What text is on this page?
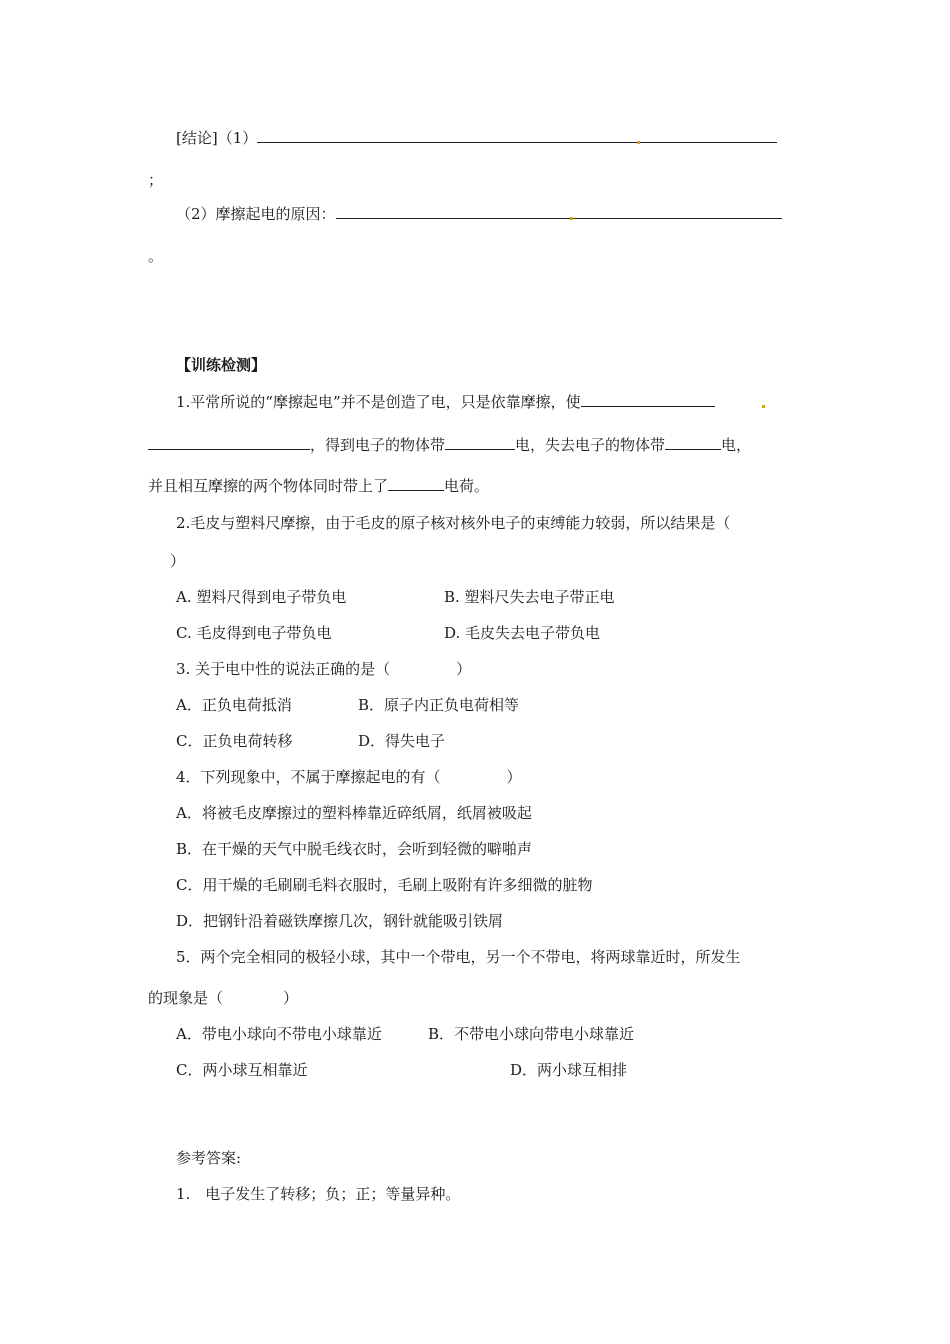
[结论]（1）
；
（2）摩擦起电的原因：
。
【训练检测】
1.平常所说的“摩擦起电”并不是创造了电，只是依靠摩擦，使
，得到电子的物体带	电，失去电子的物体带	电，
并且相互摩擦的两个物体同时带上了	电荷。
2.毛皮与塑料尺摩擦，由于毛皮的原子核对核外电子的束缚能力较弱，所以结果是（
）
A. 塑料尺得到电子带负电	B. 塑料尺失去电子带正电
C. 毛皮得到电子带负电	D. 毛皮失去电子带负电
3. 关于电中性的说法正确的是（	）
A．正负电荷抵消	B．原子内正负电荷相等
C．正负电荷转移	D．得失电子
4．下列现象中，不属于摩擦起电的有（	）
A．将被毛皮摩擦过的塑料棒靠近碎纸屑，纸屑被吸起
B．在干燥的天气中脱毛线衣时，会听到轻微的噼啪声
C．用干燥的毛刷刷毛料衣服时，毛刷上吸附有许多细微的脏物
D．把钢针沿着磁铁摩擦几次，钢针就能吸引铁屑
5．两个完全相同的极轻小球，其中一个带电，另一个不带电，将两球靠近时，所发生
的现象是（	）
A．带电小球向不带电小球靠近	B．不带电小球向带电小球靠近
C．两小球互相靠近	D．两小球互相排
参考答案:
1.　电子发生了转移；负；正；等量异种。
